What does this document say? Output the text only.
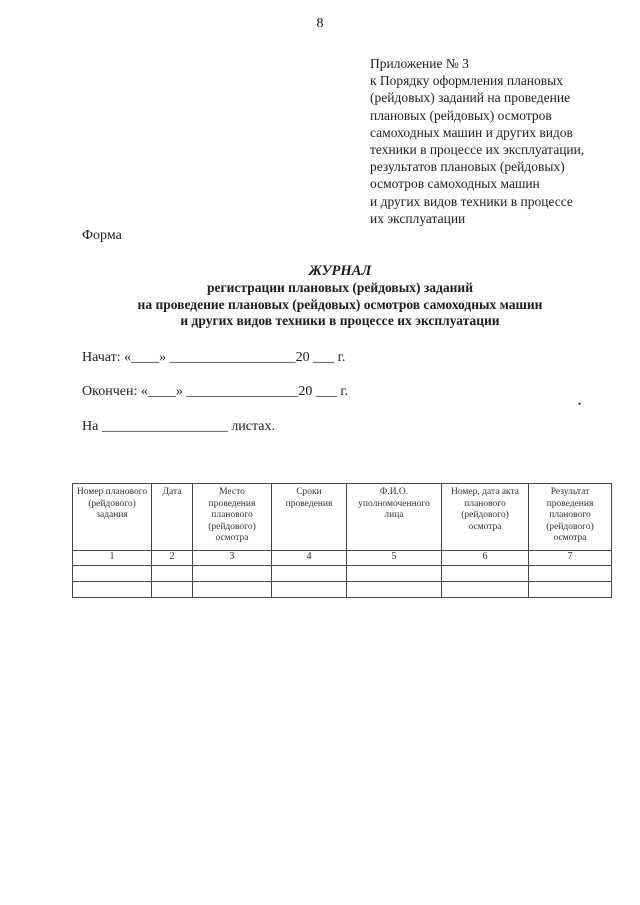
8
Приложение № 3
к Порядку оформления плановых
(рейдовых) заданий на проведение
плановых (рейдовых) осмотров
самоходных машин и других видов
техники в процессе их эксплуатации,
результатов плановых (рейдовых)
осмотров самоходных машин
и других видов техники в процессе
их эксплуатации
Форма
ЖУРНАЛ
регистрации плановых (рейдовых) заданий
на проведение плановых (рейдовых) осмотров самоходных машин
и других видов техники в процессе их эксплуатации
Начат: «____» __________________20 ___ г.
Окончен: «____» ________________20 ___ г.
На __________________ листах.
•
Номер планового (рейдового) задания	Дата	Место проведения планового (рейдового) осмотра	Сроки проведения	Ф.И.О. уполномоченного лица	Номер, дата акта планового (рейдового) осмотра	Результат проведения планового (рейдового) осмотра
1	2	3	4	5	6	7
